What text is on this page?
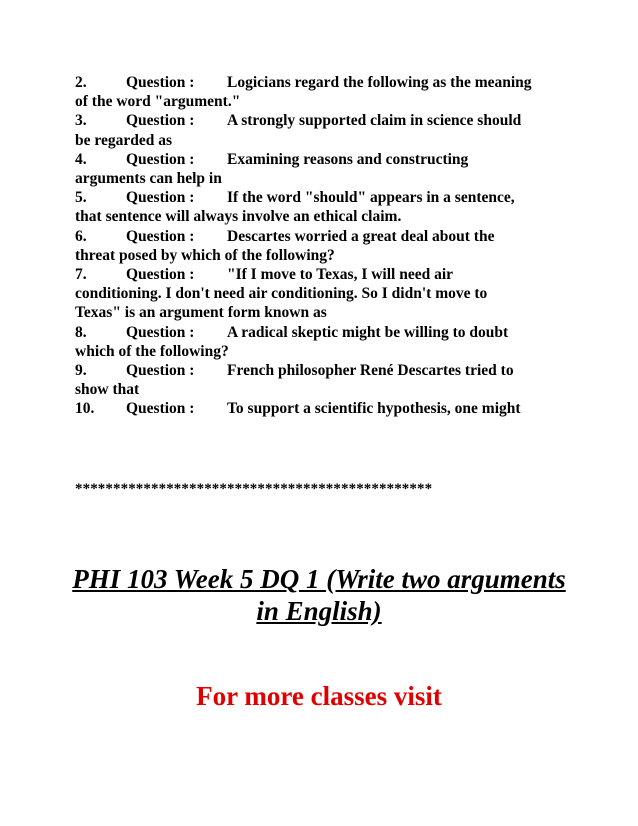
2.	Question : Logicians regard the following as the meaning
of the word "argument."
3.	Question : A strongly supported claim in science should
be regarded as
4.	Question : Examining reasons and constructing
arguments can help in
5.	Question : If the word "should" appears in a sentence,
that sentence will always involve an ethical claim.
6.	Question : Descartes worried a great deal about the
threat posed by which of the following?
7.	Question : "If I move to Texas, I will need air
conditioning. I don't need air conditioning. So I didn't move to
Texas" is an argument form known as
8.	Question : A radical skeptic might be willing to doubt
which of the following?
9.	Question : French philosopher René Descartes tried to
show that
10. Question : To support a scientific hypothesis, one might
***********************************************
PHI 103 Week 5 DQ 1 (Write two arguments in English)
For more classes visit
